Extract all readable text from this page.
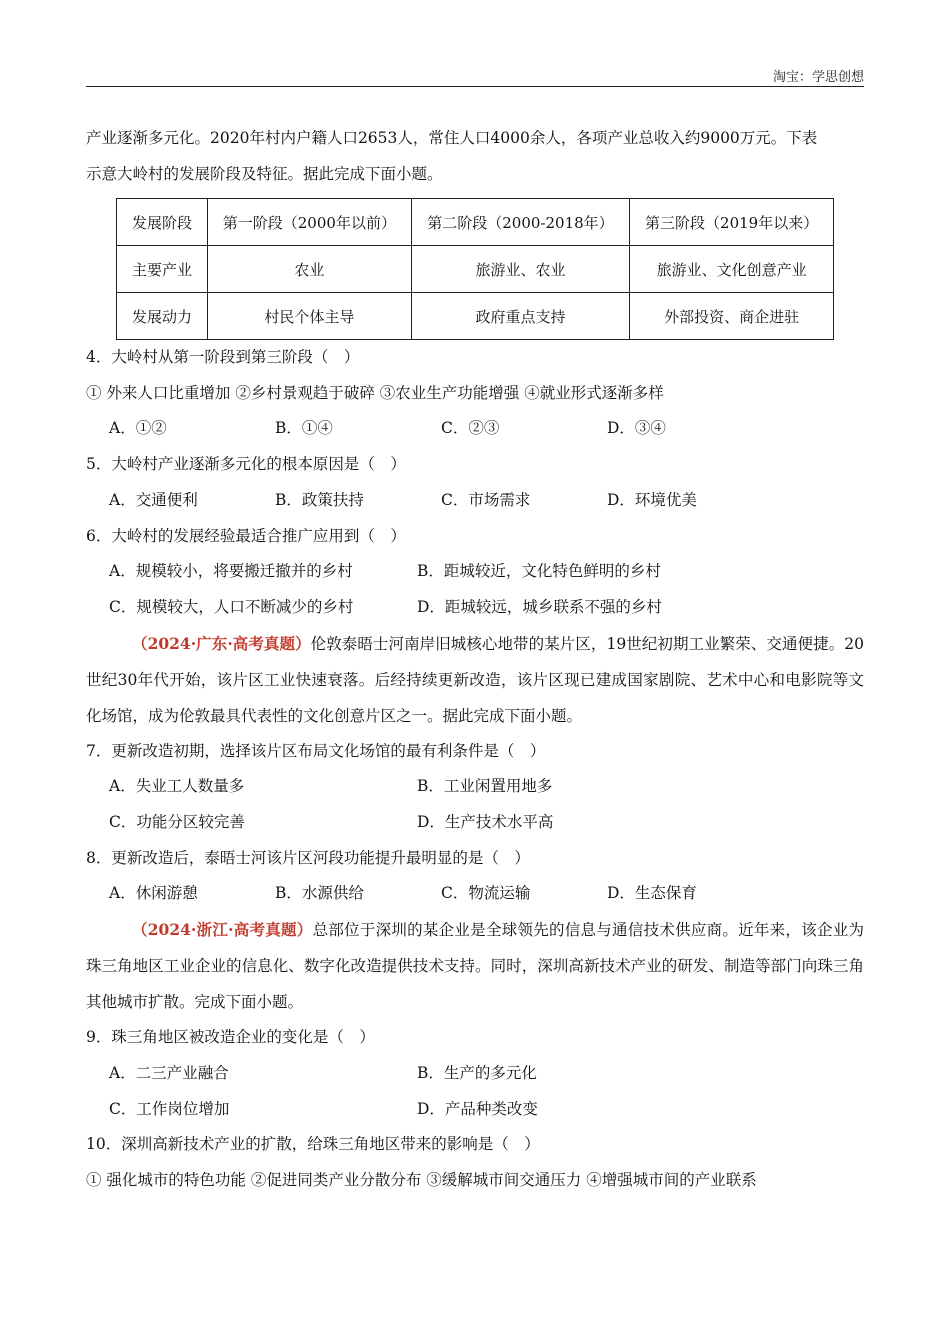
淘宝：学思创想
产业逐渐多元化。2020年村内户籍人口2653人，常住人口4000余人，各项产业总收入约9000万元。下表
示意大岭村的发展阶段及特征。据此完成下面小题。
发展阶段	第一阶段（2000年以前）	第二阶段（2000-2018年）	第三阶段（2019年以来）
主要产业	农业	旅游业、农业	旅游业、文化创意产业
发展动力	村民个体主导	政府重点支持	外部投资、商企进驻
4．大岭村从第一阶段到第三阶段（　）
① 外来人口比重增加 ②乡村景观趋于破碎 ③农业生产功能增强 ④就业形式逐渐多样
A．①②	B．①④	C．②③	D．③④
5．大岭村产业逐渐多元化的根本原因是（　）
A．交通便利	B．政策扶持	C．市场需求	D．环境优美
6．大岭村的发展经验最适合推广应用到（　）
A．规模较小，将要搬迁撤并的乡村	B．距城较近，文化特色鲜明的乡村
C．规模较大，人口不断减少的乡村	D．距城较远，城乡联系不强的乡村
（2024·广东·高考真题）伦敦泰晤士河南岸旧城核心地带的某片区，19世纪初期工业繁荣、交通便捷。20世纪30年代开始，该片区工业快速衰落。后经持续更新改造，该片区现已建成国家剧院、艺术中心和电影院等文化场馆，成为伦敦最具代表性的文化创意片区之一。据此完成下面小题。
7．更新改造初期，选择该片区布局文化场馆的最有利条件是（　）
A．失业工人数量多	B．工业闲置用地多
C．功能分区较完善	D．生产技术水平高
8．更新改造后，泰晤士河该片区河段功能提升最明显的是（　）
A．休闲游憩	B．水源供给	C．物流运输	D．生态保育
（2024·浙江·高考真题）总部位于深圳的某企业是全球领先的信息与通信技术供应商。近年来，该企业为珠三角地区工业企业的信息化、数字化改造提供技术支持。同时，深圳高新技术产业的研发、制造等部门向珠三角其他城市扩散。完成下面小题。
9．珠三角地区被改造企业的变化是（　）
A．二三产业融合	B．生产的多元化
C．工作岗位增加	D．产品种类改变
10．深圳高新技术产业的扩散，给珠三角地区带来的影响是（　）
① 强化城市的特色功能 ②促进同类产业分散分布 ③缓解城市间交通压力 ④增强城市间的产业联系
